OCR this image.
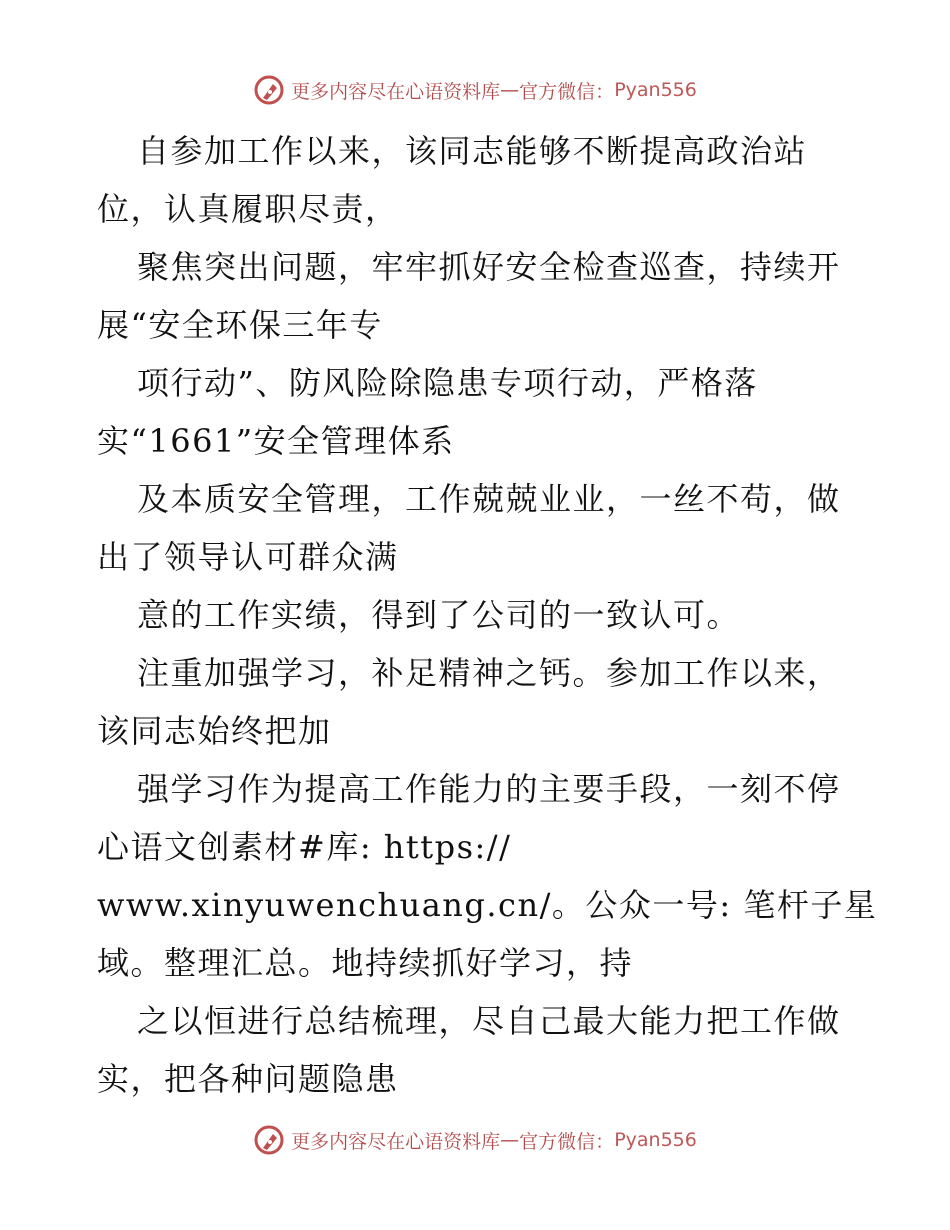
更多内容尽在心语资料库 — 官方微信： Pyan556
自参加工作以来，该同志能够不断提高政治站
位，认真履职尽责，
聚焦突出问题，牢牢抓好安全检查巡查，持续开
展“安全环保三年专
项行动”、防风险除隐患专项行动，严格落
实“1661”安全管理体系
及本质安全管理，工作兢兢业业，一丝不苟，做
出了领导认可群众满
意的工作实绩，得到了公司的一致认可。
注重加强学习，补足精神之钙。参加工作以来，
该同志始终把加
强学习作为提高工作能力的主要手段，一刻不停
心语文创素材#库: https://
www.xinyuwenchuang.cn/。公众一号: 笔杆子星
域。整理汇总。地持续抓好学习，持
之以恒进行总结梳理，尽自己最大能力把工作做
实，把各种问题隐患
更多内容尽在心语资料库 — 官方微信： Pyan556
